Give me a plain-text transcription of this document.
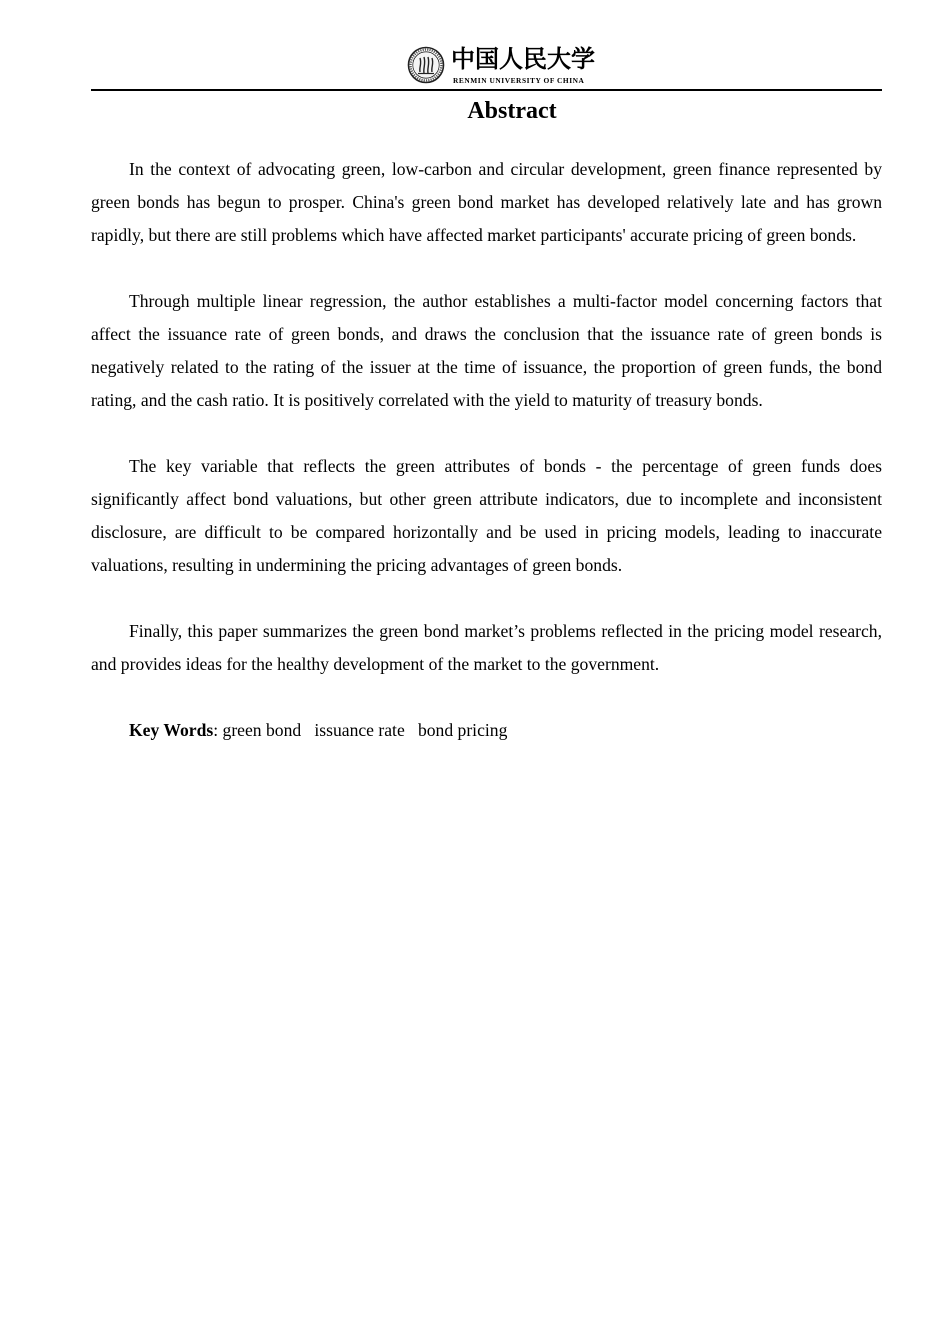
中国人民大学
RENMIN UNIVERSITY OF CHINA
Abstract

In the context of advocating green, low-carbon and circular development, green finance represented by green bonds has begun to prosper. China's green bond market has developed relatively late and has grown rapidly, but there are still problems which have affected market participants' accurate pricing of green bonds.

Through multiple linear regression, the author establishes a multi-factor model concerning factors that affect the issuance rate of green bonds, and draws the conclusion that the issuance rate of green bonds is negatively related to the rating of the issuer at the time of issuance, the proportion of green funds, the bond rating, and the cash ratio. It is positively correlated with the yield to maturity of treasury bonds.

The key variable that reflects the green attributes of bonds - the percentage of green funds does significantly affect bond valuations, but other green attribute indicators, due to incomplete and inconsistent disclosure, are difficult to be compared horizontally and be used in pricing models, leading to inaccurate valuations, resulting in undermining the pricing advantages of green bonds.

Finally, this paper summarizes the green bond market’s problems reflected in the pricing model research, and provides ideas for the healthy development of the market to the government.

Key Words: green bond   issuance rate   bond pricing
